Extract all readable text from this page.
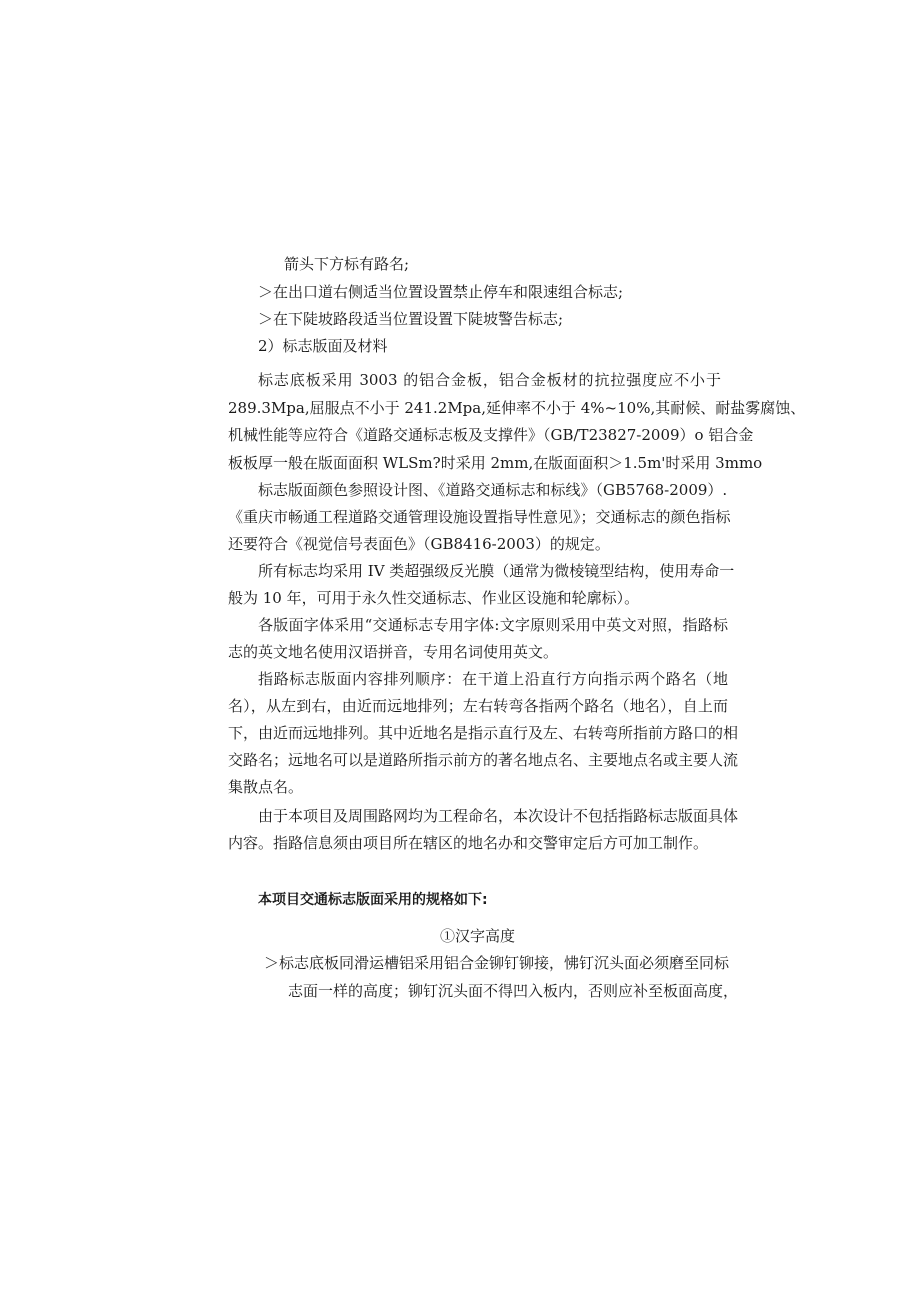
箭头下方标有路名;
＞在出口道右侧适当位置设置禁止停车和限速组合标志;
＞在下陡坡路段适当位置设置下陡坡警告标志;
2）标志版面及材料
标志底板采用 3003 的铝合金板，铝合金板材的抗拉强度应不小于
289.3Mpa,屈服点不小于 241.2Mpa,延伸率不小于 4%~10%,其耐候、耐盐雾腐蚀、
机械性能等应符合《道路交通标志板及支撑件》（GB/T23827-2009）o 铝合金
板板厚一般在版面面积 WLSm?时采用 2mm,在版面面积＞1.5m'时采用 3mmo
标志版面颜色参照设计图、《道路交通标志和标线》（GB5768-2009）.
《重庆市畅通工程道路交通管理设施设置指导性意见》；交通标志的颜色指标
还要符合《视觉信号表面色》（GB8416-2003）的规定。
所有标志均采用 IV 类超强级反光膜（通常为微棱镜型结构，使用寿命一
般为 10 年，可用于永久性交通标志、作业区设施和轮廓标）。
各版面字体采用“交通标志专用字体:文字原则采用中英文对照，指路标
志的英文地名使用汉语拼音，专用名词使用英文。
指路标志版面内容排列顺序：在干道上沿直行方向指示两个路名（地
名），从左到右，由近而远地排列；左右转弯各指两个路名（地名），自上而
下，由近而远地排列。其中近地名是指示直行及左、右转弯所指前方路口的相
交路名；远地名可以是道路所指示前方的著名地点名、主要地点名或主要人流
集散点名。
由于本项目及周围路网均为工程命名，本次设计不包括指路标志版面具体
内容。指路信息须由项目所在辖区的地名办和交警审定后方可加工制作。
本项目交通标志版面采用的规格如下:
①汉字高度
＞标志底板同滑运槽铝采用铝合金铆钉铆接，怫钉沉头面必须磨至同标
志面一样的高度；铆钉沉头面不得凹入板内，否则应补至板面高度，
